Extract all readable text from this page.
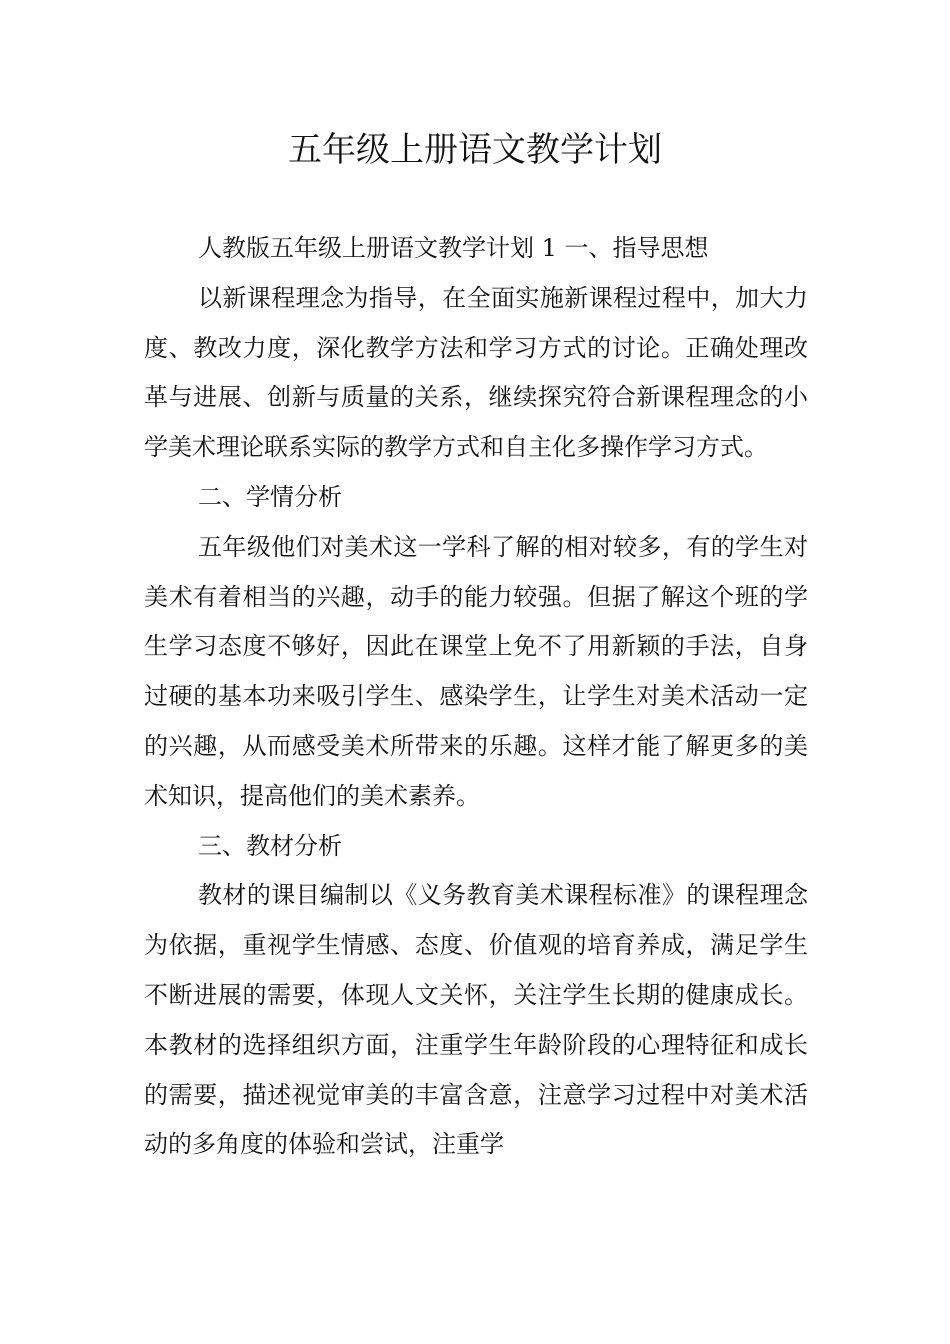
五年级上册语文教学计划

人教版五年级上册语文教学计划 1 一、指导思想

以新课程理念为指导，在全面实施新课程过程中，加大力度、教改力度，深化教学方法和学习方式的讨论。正确处理改革与进展、创新与质量的关系，继续探究符合新课程理念的小学美术理论联系实际的教学方式和自主化多操作学习方式。

二、学情分析

五年级他们对美术这一学科了解的相对较多，有的学生对美术有着相当的兴趣，动手的能力较强。但据了解这个班的学生学习态度不够好，因此在课堂上免不了用新颖的手法，自身过硬的基本功来吸引学生、感染学生，让学生对美术活动一定的兴趣，从而感受美术所带来的乐趣。这样才能了解更多的美术知识，提高他们的美术素养。

三、教材分析

教材的课目编制以《义务教育美术课程标准》的课程理念为依据，重视学生情感、态度、价值观的培育养成，满足学生不断进展的需要，体现人文关怀，关注学生长期的健康成长。本教材的选择组织方面，注重学生年龄阶段的心理特征和成长的需要，描述视觉审美的丰富含意，注意学习过程中对美术活动的多角度的体验和尝试，注重学
